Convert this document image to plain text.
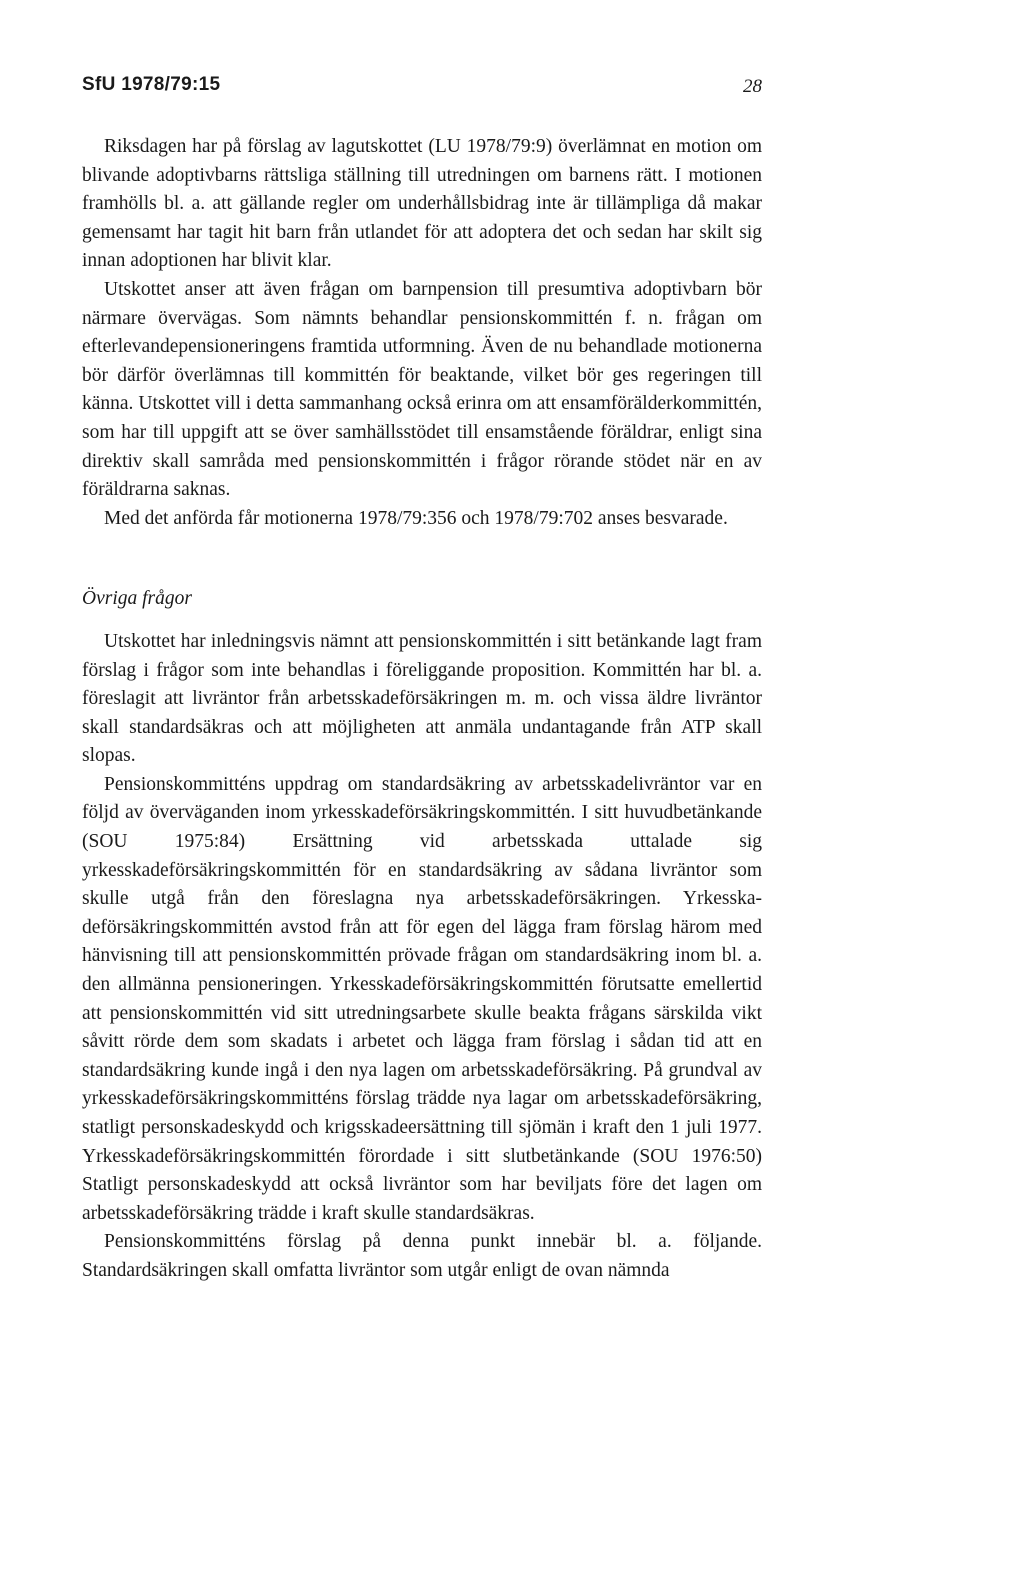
SfU 1978/79:15	28

Riksdagen har på förslag av lagutskottet (LU 1978/79:9) överlämnat en motion om blivande adoptivbarns rättsliga ställning till utredningen om barnens rätt. I motionen framhölls bl. a. att gällande regler om underhållsbidrag inte är tillämpliga då makar gemensamt har tagit hit barn från utlandet för att adoptera det och sedan har skilt sig innan adoptionen har blivit klar.

Utskottet anser att även frågan om barnpension till presumtiva adoptivbarn bör närmare övervägas. Som nämnts behandlar pensionskommittén f. n. frågan om efterlevandepensioneringens framtida utformning. Även de nu behandlade motionerna bör därför överlämnas till kommittén för beaktande, vilket bör ges regeringen till känna. Utskottet vill i detta sammanhang också erinra om att ensamförälderkommittén, som har till uppgift att se över samhällsstödet till ensamstående föräldrar, enligt sina direktiv skall samråda med pensionskommittén i frågor rörande stödet när en av föräldrarna saknas.

Med det anförda får motionerna 1978/79:356 och 1978/79:702 anses besvarade.

Övriga frågor

Utskottet har inledningsvis nämnt att pensionskommittén i sitt betänkande lagt fram förslag i frågor som inte behandlas i föreliggande proposition. Kommittén har bl. a. föreslagit att livräntor från arbetsskadeförsäkringen m. m. och vissa äldre livräntor skall standardsäkras och att möjligheten att anmäla undantagande från ATP skall slopas.

Pensionskommitténs uppdrag om standardsäkring av arbetsskadelivräntor var en följd av överväganden inom yrkesskadeförsäkringskommittén. I sitt huvudbetänkande (SOU 1975:84) Ersättning vid arbetsskada uttalade sig yrkesskadeförsäkringskommittén för en standardsäkring av sådana livräntor som skulle utgå från den föreslagna nya arbetsskadeförsäkringen. Yrkesskadeförsäkringskommittén avstod från att för egen del lägga fram förslag härom med hänvisning till att pensionskommittén prövade frågan om standardsäkring inom bl. a. den allmänna pensioneringen. Yrkesskadeförsäkringskommittén förutsatte emellertid att pensionskommittén vid sitt utredningsarbete skulle beakta frågans särskilda vikt såvitt rörde dem som skadats i arbetet och lägga fram förslag i sådan tid att en standardsäkring kunde ingå i den nya lagen om arbetsskadeförsäkring. På grundval av yrkesskadeförsäkringskommitténs förslag trädde nya lagar om arbetsskadeförsäkring, statligt personskadeskydd och krigsskadeersättning till sjömän i kraft den 1 juli 1977. Yrkesskadeförsäkringskommittén förordade i sitt slutbetänkande (SOU 1976:50) Statligt personskadeskydd att också livräntor som har beviljats före det lagen om arbetsskadeförsäkring trädde i kraft skulle standardsäkras.

Pensionskommitténs förslag på denna punkt innebär bl. a. följande. Standardsäkringen skall omfatta livräntor som utgår enligt de ovan nämnda
